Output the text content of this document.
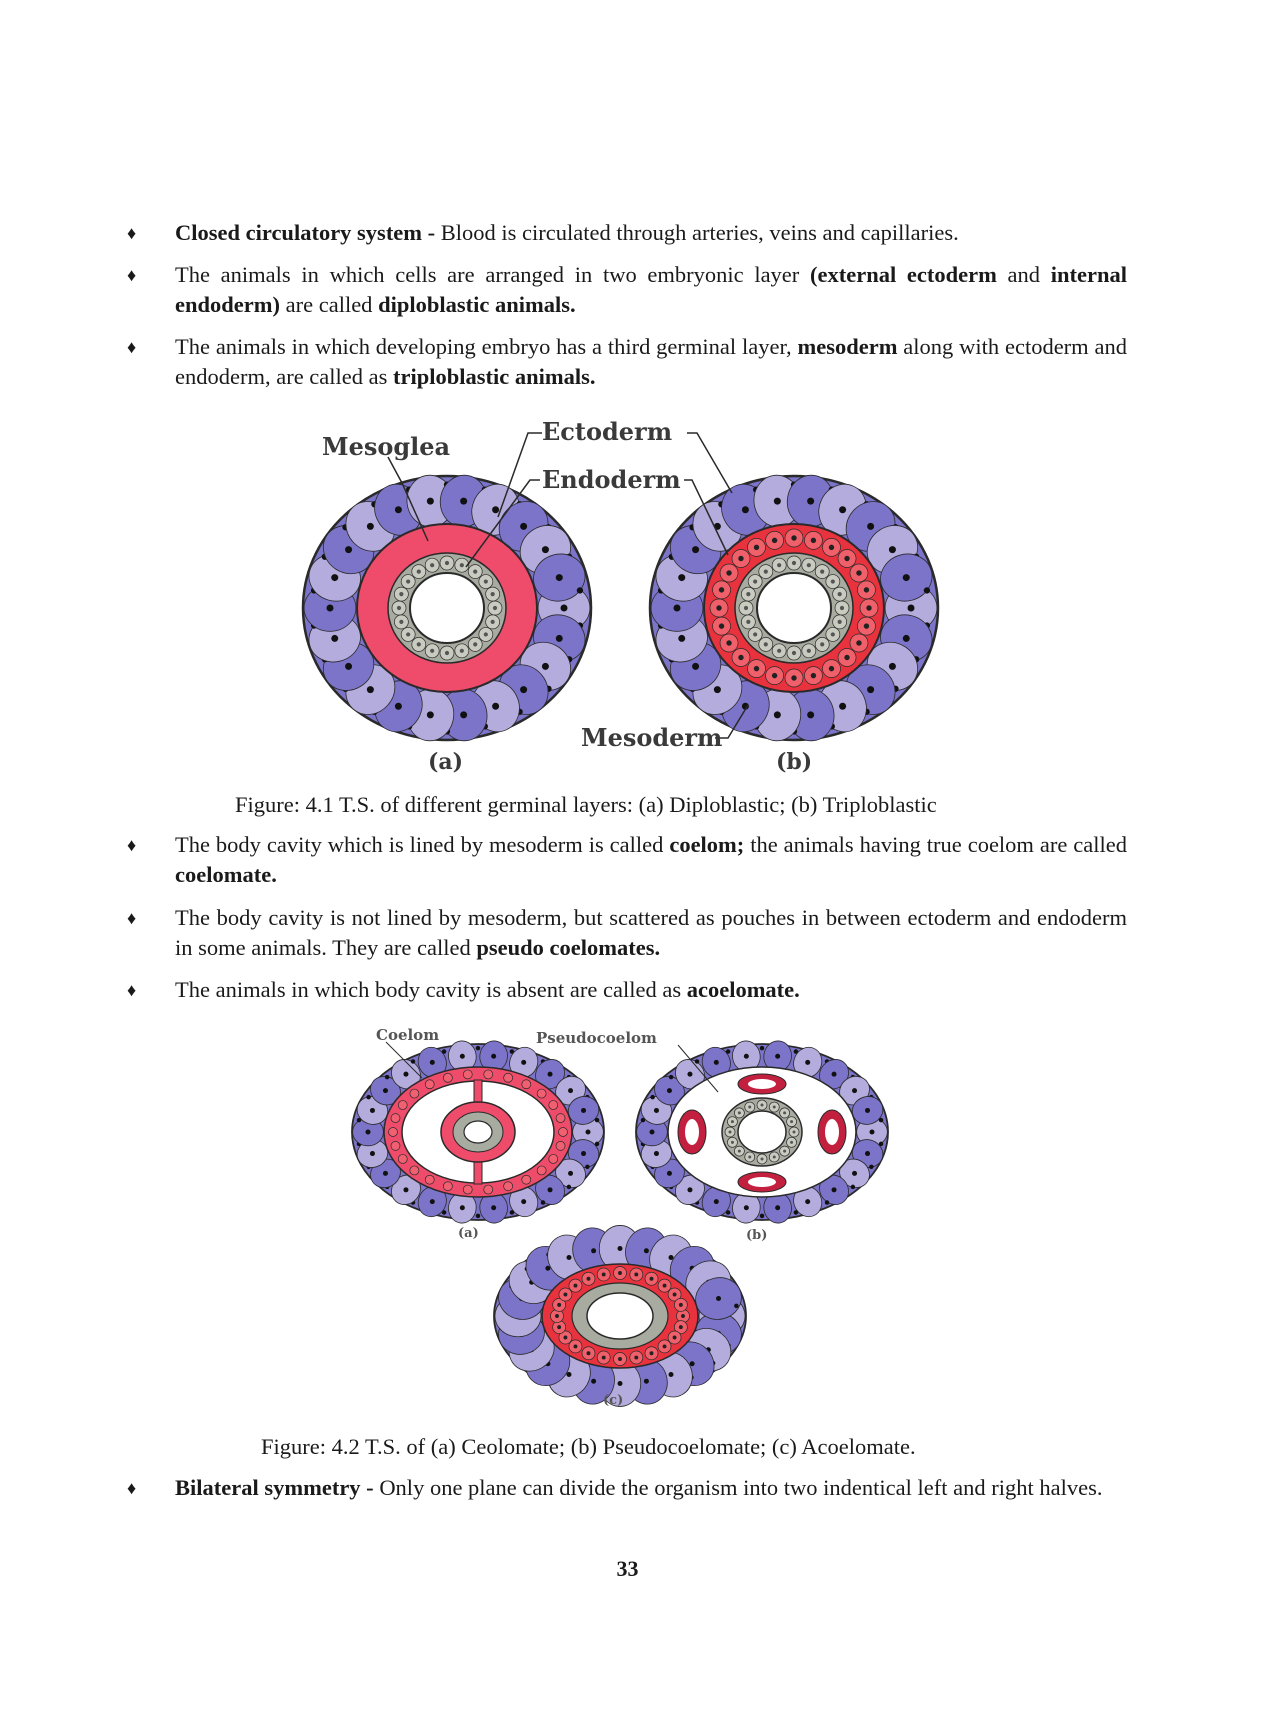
♦ Closed circulatory system - Blood is circulated through arteries, veins and capillaries.
♦ The animals in which cells are arranged in two embryonic layer (external ectoderm and internal endoderm) are called diploblastic animals.
♦ The animals in which developing embryo has a third germinal layer, mesoderm along with ectoderm and endoderm, are called as triploblastic animals.
Mesoglea
Ectoderm
Endoderm
Mesoderm
(a)	(b)
Figure: 4.1 T.S. of different germinal layers: (a) Diploblastic; (b) Triploblastic
♦ The body cavity which is lined by mesoderm is called coelom; the animals having true coelom are called coelomate.
♦ The body cavity is not lined by mesoderm, but scattered as pouches in between ectoderm and endoderm in some animals. They are called pseudo coelomates.
♦ The animals in which body cavity is absent are called as acoelomate.
Coelom	Pseudocoelom
(a)	(b)
(c)
Figure: 4.2 T.S. of (a) Ceolomate; (b) Pseudocoelomate; (c) Acoelomate.
♦ Bilateral symmetry - Only one plane can divide the organism into two indentical left and right halves.
33
